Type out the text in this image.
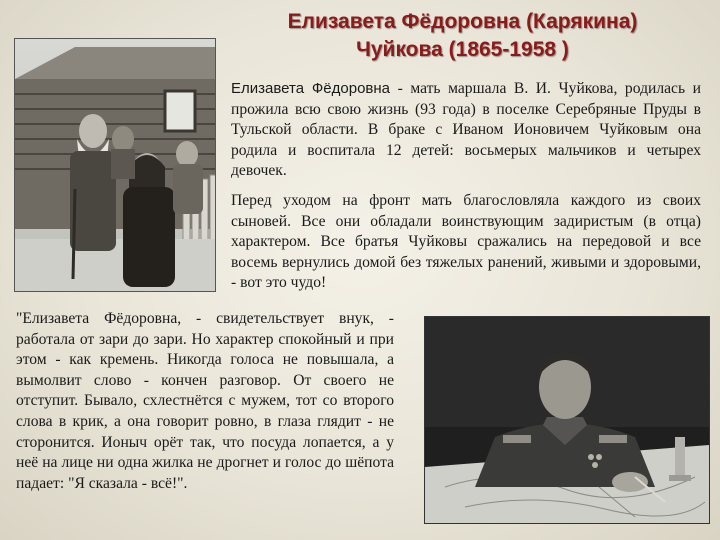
Елизавета Фёдоровна (Карякина)
Чуйкова (1865-1958 )

Елизавета Фёдоровна - мать маршала В. И. Чуйкова, родилась и прожила всю свою жизнь (93 года) в поселке Серебряные Пруды в Тульской области. В браке с Иваном Ионовичем Чуйковым она родила и воспитала 12 детей: восьмерых мальчиков и четырех девочек.

Перед уходом на фронт мать благословляла каждого из своих сыновей. Все они обладали воинствующим задиристым (в отца) характером. Все братья Чуйковы сражались на передовой и все восемь вернулись домой без тяжелых ранений, живыми и здоровыми, - вот это чудо!

"Елизавета Фёдоровна, - свидетельствует внук, - работала от зари до зари. Но характер спокойный и при этом - как кремень. Никогда голоса не повышала, а вымолвит слово - кончен разговор. От своего не отступит. Бывало, схлестнётся с мужем, тот со второго слова в крик, а она говорит ровно, в глаза глядит - не сторонится. Ионыч орёт так, что посуда лопается, а у неё на лице ни одна жилка не дрогнет и голос до шёпота падает: "Я сказала - всё!".
